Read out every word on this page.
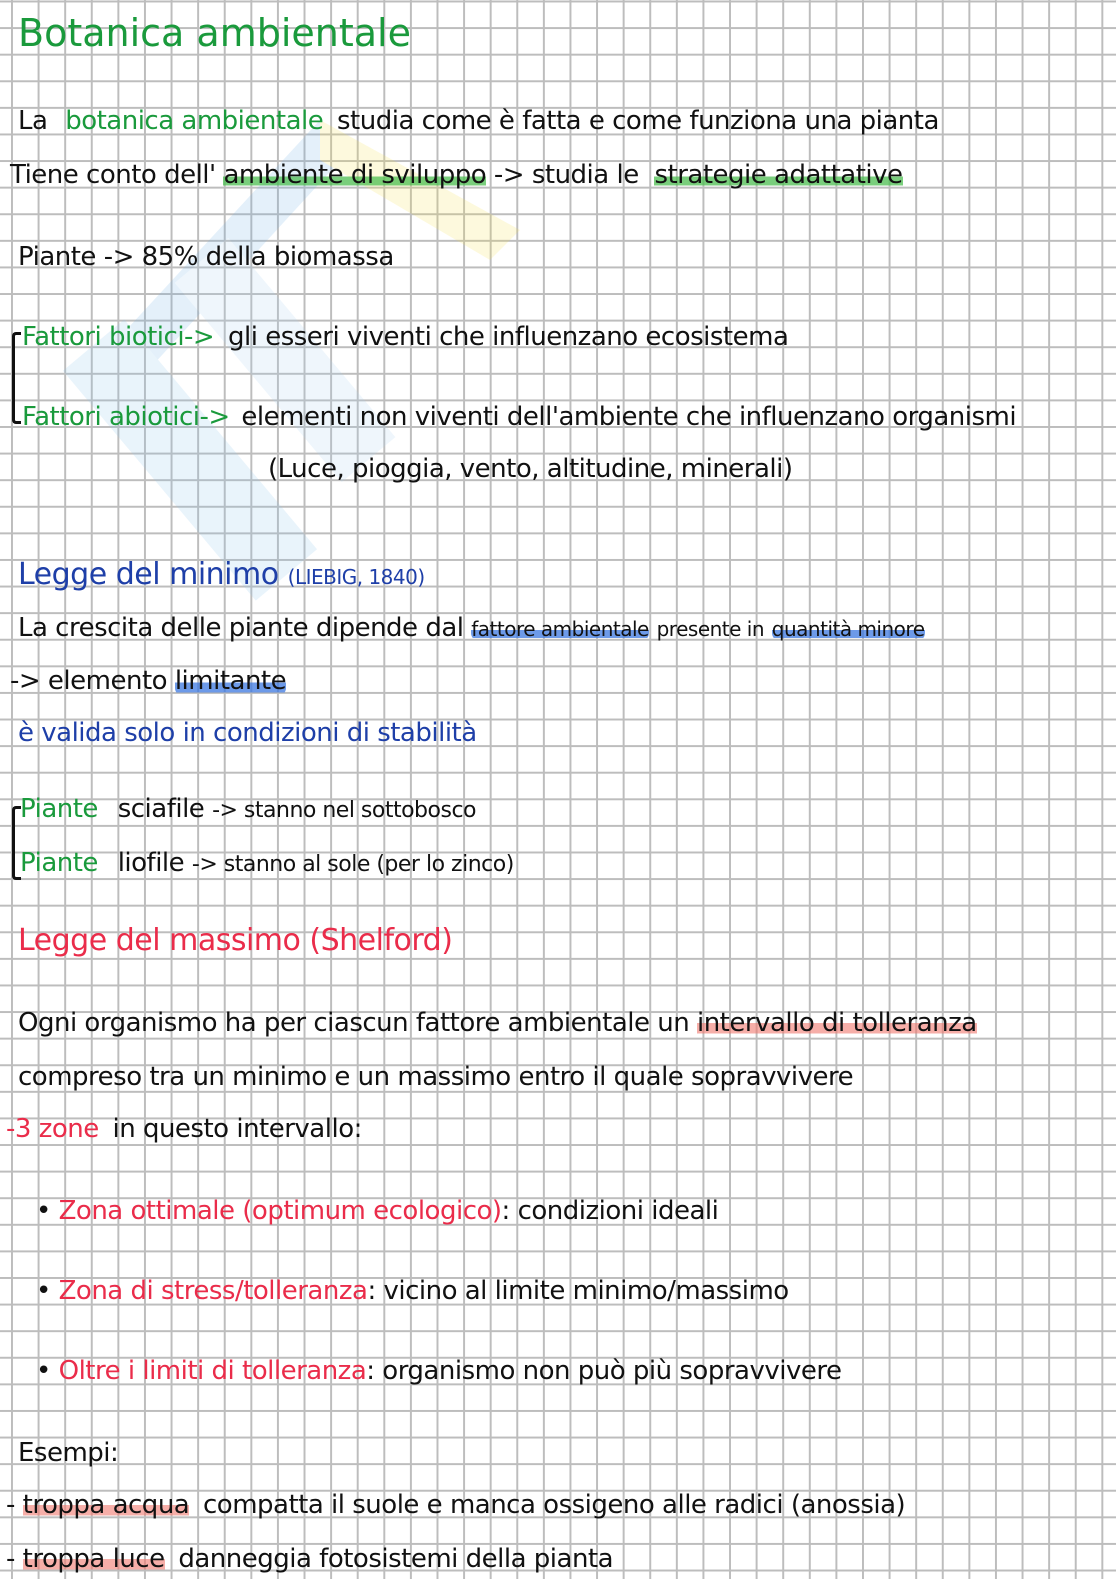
Botanica ambientale
La botanica ambientale studia come è fatta e come funziona una pianta
Tiene conto dell' ambiente di sviluppo -> studia le strategie adattative
Piante -> 85% della biomassa
Fattori biotici-> gli esseri viventi che influenzano ecosistema
Fattori abiotici-> elementi non viventi dell'ambiente che influenzano organismi
(Luce, pioggia, vento, altitudine, minerali)
Legge del minimo (LIEBIG, 1840)
La crescita delle piante dipende dal fattore ambientale presente in quantità minore
-> elemento limitante
è valida solo in condizioni di stabilità
Piante sciafile -> stanno nel sottobosco
Piante liofile -> stanno al sole (per lo zinco)
Legge del massimo (Shelford)
Ogni organismo ha per ciascun fattore ambientale un intervallo di tolleranza
compreso tra un minimo e un massimo entro il quale sopravvivere
-3 zone in questo intervallo:
• Zona ottimale (optimum ecologico): condizioni ideali
• Zona di stress/tolleranza: vicino al limite minimo/massimo
• Oltre i limiti di tolleranza: organismo non può più sopravvivere
Esempi:
- troppa acqua compatta il suole e manca ossigeno alle radici (anossia)
- troppa luce danneggia fotosistemi della pianta
